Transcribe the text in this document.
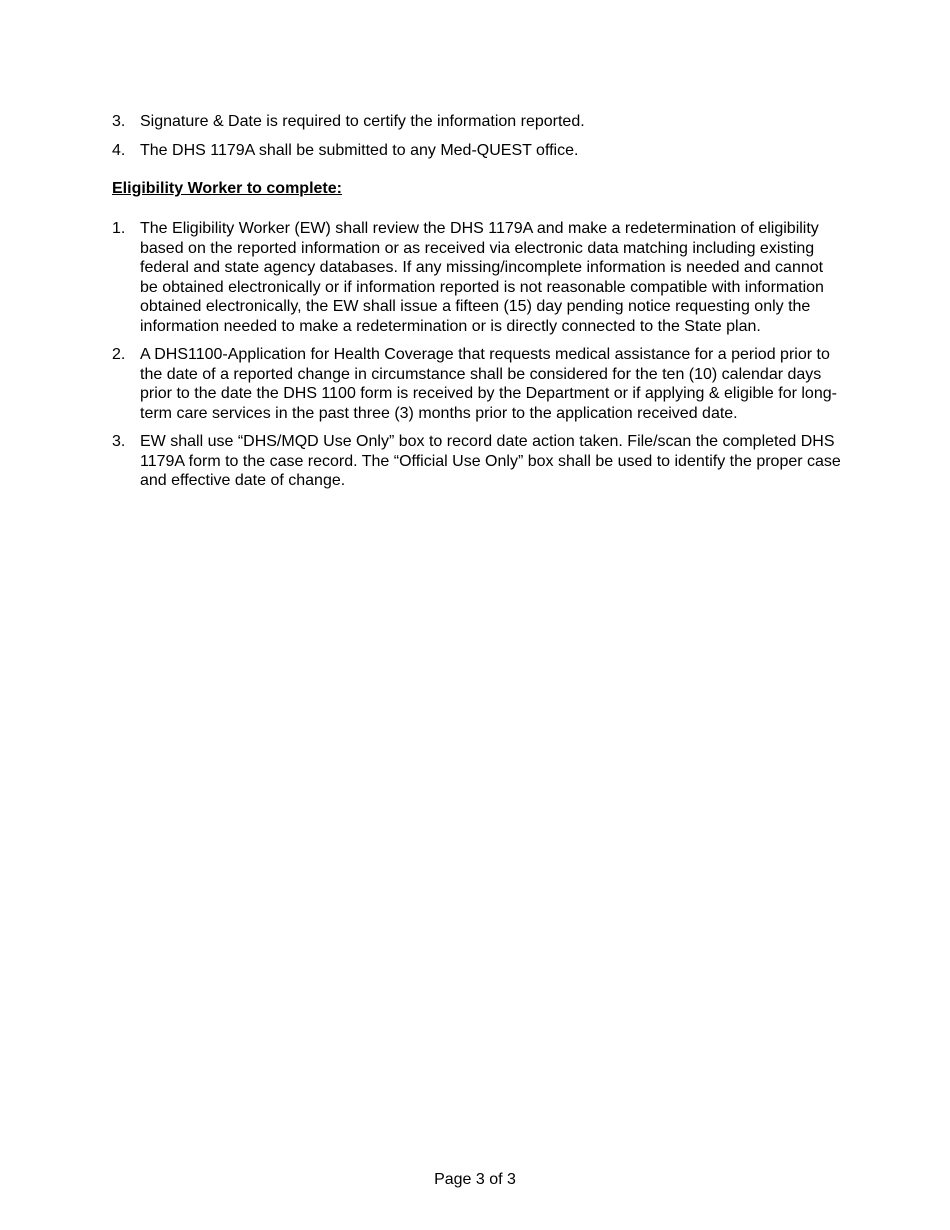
3. Signature & Date is required to certify the information reported.
4. The DHS 1179A shall be submitted to any Med-QUEST office.
Eligibility Worker to complete:
1. The Eligibility Worker (EW) shall review the DHS 1179A and make a redetermination of eligibility based on the reported information or as received via electronic data matching including existing federal and state agency databases. If any missing/incomplete information is needed and cannot be obtained electronically or if information reported is not reasonable compatible with information obtained electronically, the EW shall issue a fifteen (15) day pending notice requesting only the information needed to make a redetermination or is directly connected to the State plan.
2. A DHS1100-Application for Health Coverage that requests medical assistance for a period prior to the date of a reported change in circumstance shall be considered for the ten (10) calendar days prior to the date the DHS 1100 form is received by the Department or if applying & eligible for long-term care services in the past three (3) months prior to the application received date.
3. EW shall use “DHS/MQD Use Only” box to record date action taken. File/scan the completed DHS 1179A form to the case record. The “Official Use Only” box shall be used to identify the proper case and effective date of change.
Page 3 of 3
